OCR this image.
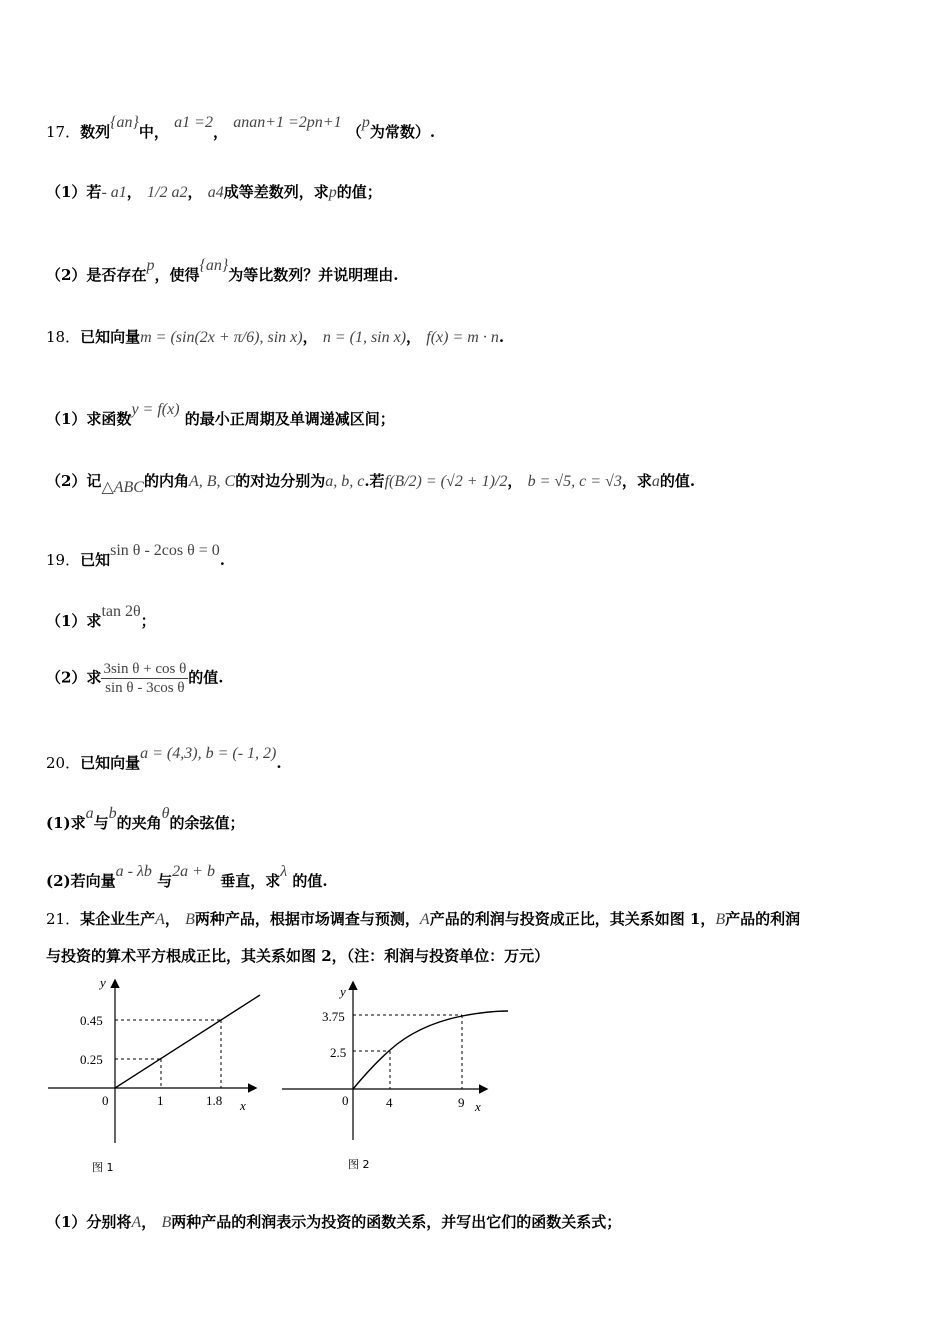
17．数列{an}中， a1 =2， anan+1 =2pn+1 （p为常数）.
（1）若- a1， 1/2 a2， a4成等差数列，求p的值；
（2）是否存在p，使得{an}为等比数列？并说明理由.
18．已知向量m = (sin(2x + π/6), sin x)， n = (1, sin x)， f(x) = m · n.
（1）求函数y = f(x) 的最小正周期及单调递减区间；
（2）记△ABC的内角A, B, C的对边分别为a, b, c.若f(B/2) = (√2 + 1)/2， b = √5, c = √3，求a的值.
19．已知sin θ - 2cos θ = 0.
（1）求tan 2θ；
（2）求 $\frac{\text{3sin θ + cos θ}}{\text{sin θ - 3cos θ}}$ 的值.
20．已知向量a = (4,3), b = (- 1, 2).
(1)求a与b的夹角θ的余弦值；
(2)若向量a - λb 与2a + b 垂直，求λ 的值.
21．某企业生产A， B两种产品，根据市场调查与预测，A产品的利润与投资成正比，其关系如图 1，B产品的利润
与投资的算术平方根成正比，其关系如图 2，（注：利润与投资单位：万元）
y
x
0
0.45
0.25
1	1.8
图 1
y
x
0
3.75
2.5
4	9
图 2
（1）分别将A， B两种产品的利润表示为投资的函数关系，并写出它们的函数关系式；
